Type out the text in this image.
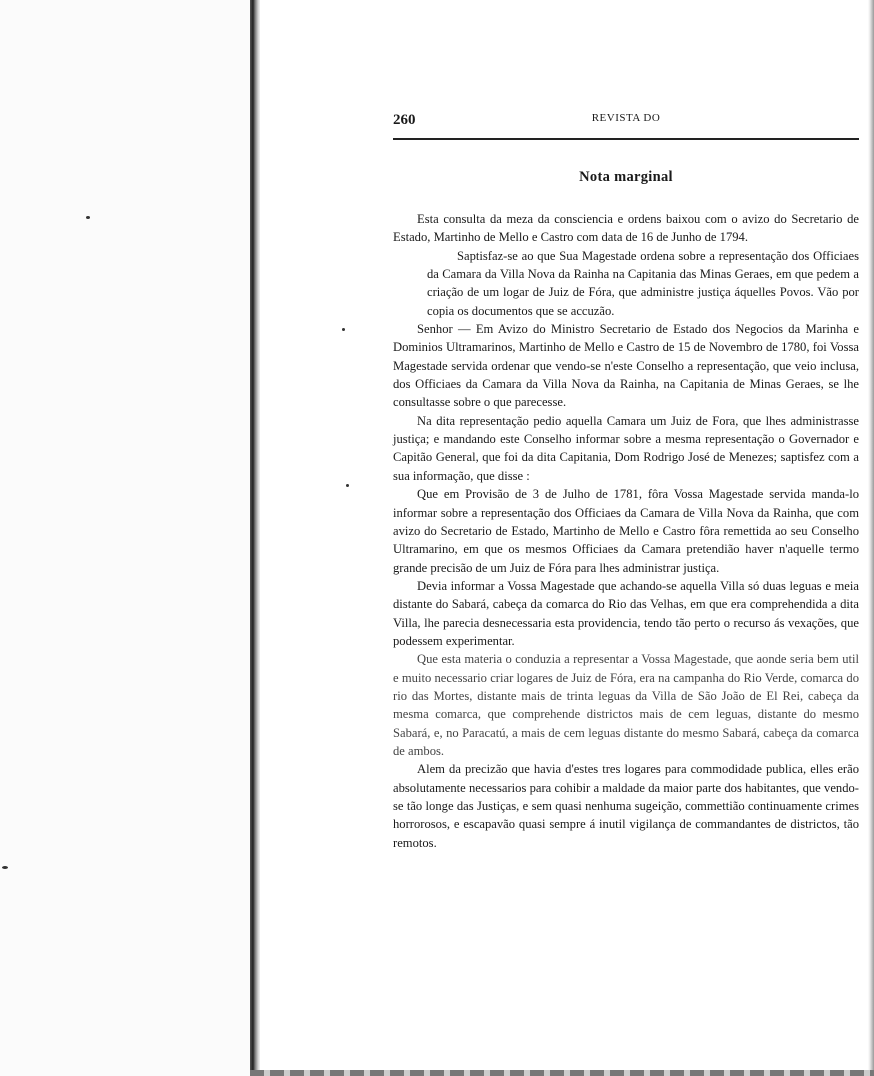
260	REVISTA DO
Nota marginal

Esta consulta da meza da consciencia e ordens baixou com o avizo do Secretario de Estado, Martinho de Mello e Castro com data de 16 de Junho de 1794.

Saptisfaz-se ao que Sua Magestade ordena sobre a representação dos Officiaes da Camara da Villa Nova da Rainha na Capitania das Minas Geraes, em que pedem a criação de um logar de Juiz de Fóra, que administre justiça áquelles Povos. Vão por copia os documentos que se accuzão.

Senhor — Em Avizo do Ministro Secretario de Estado dos Negocios da Marinha e Dominios Ultramarinos, Martinho de Mello e Castro de 15 de Novembro de 1780, foi Vossa Magestade servida ordenar que vendo-se n'este Conselho a representação, que veio inclusa, dos Officiaes da Camara da Villa Nova da Rainha, na Capitania de Minas Geraes, se lhe consultasse sobre o que parecesse.

Na dita representação pedio aquella Camara um Juiz de Fora, que lhes administrasse justiça; e mandando este Conselho informar sobre a mesma representação o Governador e Capitão General, que foi da dita Capitania, Dom Rodrigo José de Menezes; saptisfez com a sua informação, que disse :

Que em Provisão de 3 de Julho de 1781, fôra Vossa Magestade servida manda-lo informar sobre a representação dos Officiaes da Camara de Villa Nova da Rainha, que com avizo do Secretario de Estado, Martinho de Mello e Castro fôra remettida ao seu Conselho Ultramarino, em que os mesmos Officiaes da Camara pretendião haver n'aquelle termo grande precisão de um Juiz de Fóra para lhes administrar justiça.

Devia informar a Vossa Magestade que achando-se aquella Villa só duas leguas e meia distante do Sabará, cabeça da comarca do Rio das Velhas, em que era comprehendida a dita Villa, lhe parecia desnecessaria esta providencia, tendo tão perto o recurso ás vexações, que podessem experimentar.

Que esta materia o conduzia a representar a Vossa Magestade, que aonde seria bem util e muito necessario criar logares de Juiz de Fóra, era na campanha do Rio Verde, comarca do rio das Mortes, distante mais de trinta leguas da Villa de São João de El Rei, cabeça da mesma comarca, que comprehende districtos mais de cem leguas, distante do mesmo Sabará, e, no Paracatú, a mais de cem leguas distante do mesmo Sabará, cabeça da comarca de ambos.

Alem da precizão que havia d'estes tres logares para commodidade publica, elles erão absolutamente necessarios para cohibir a maldade da maior parte dos habitantes, que vendo-se tão longe das Justiças, e sem quasi nenhuma sugeição, commettião continuamente crimes horrorosos, e escapavão quasi sempre á inutil vigilança de commandantes de districtos, tão remotos.
